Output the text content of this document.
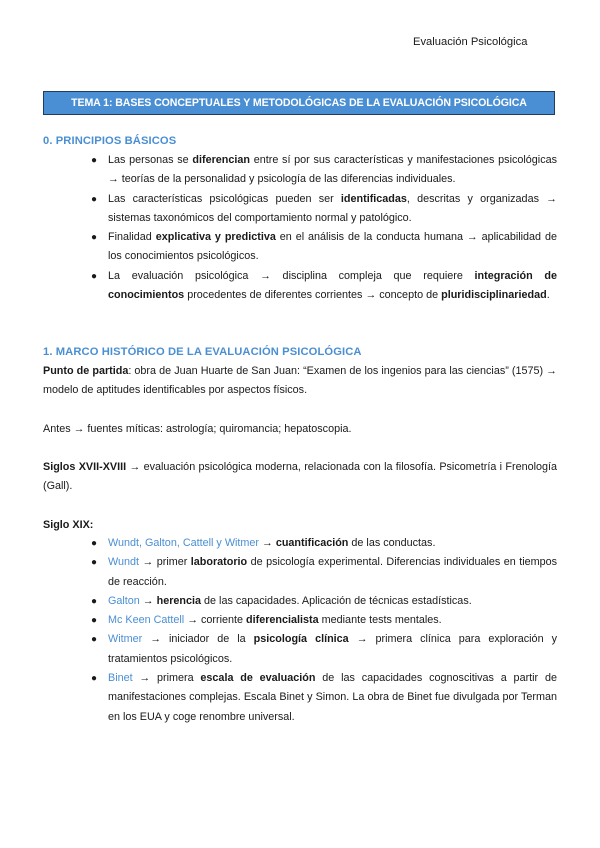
Evaluación Psicológica
TEMA 1: BASES CONCEPTUALES Y METODOLÓGICAS DE LA EVALUACIÓN PSICOLÓGICA
0. PRINCIPIOS BÁSICOS
● Las personas se diferencian entre sí por sus características y manifestaciones psicológicas → teorías de la personalidad y psicología de las diferencias individuales.
● Las características psicológicas pueden ser identificadas, descritas y organizadas → sistemas taxonómicos del comportamiento normal y patológico.
● Finalidad explicativa y predictiva en el análisis de la conducta humana → aplicabilidad de los conocimientos psicológicos.
● La evaluación psicológica → disciplina compleja que requiere integración de conocimientos procedentes de diferentes corrientes → concepto de pluridisciplinariedad.
1. MARCO HISTÓRICO DE LA EVALUACIÓN PSICOLÓGICA

Punto de partida: obra de Juan Huarte de San Juan: “Examen de los ingenios para las ciencias” (1575) → modelo de aptitudes identificables por aspectos físicos.

Antes → fuentes míticas: astrología; quiromancia; hepatoscopia.

Siglos XVII-XVIII → evaluación psicológica moderna, relacionada con la filosofía. Psicometría i Frenología (Gall).

Siglo XIX:

● Wundt, Galton, Cattell y Witmer → cuantificación de las conductas.
● Wundt → primer laboratorio de psicología experimental. Diferencias individuales en tiempos de reacción.
● Galton → herencia de las capacidades. Aplicación de técnicas estadísticas.
● Mc Keen Cattell → corriente diferencialista mediante tests mentales.
● Witmer → iniciador de la psicología clínica → primera clínica para exploración y tratamientos psicológicos.
● Binet → primera escala de evaluación de las capacidades cognoscitivas a partir de manifestaciones complejas. Escala Binet y Simon. La obra de Binet fue divulgada por Terman en los EUA y coge renombre universal.
